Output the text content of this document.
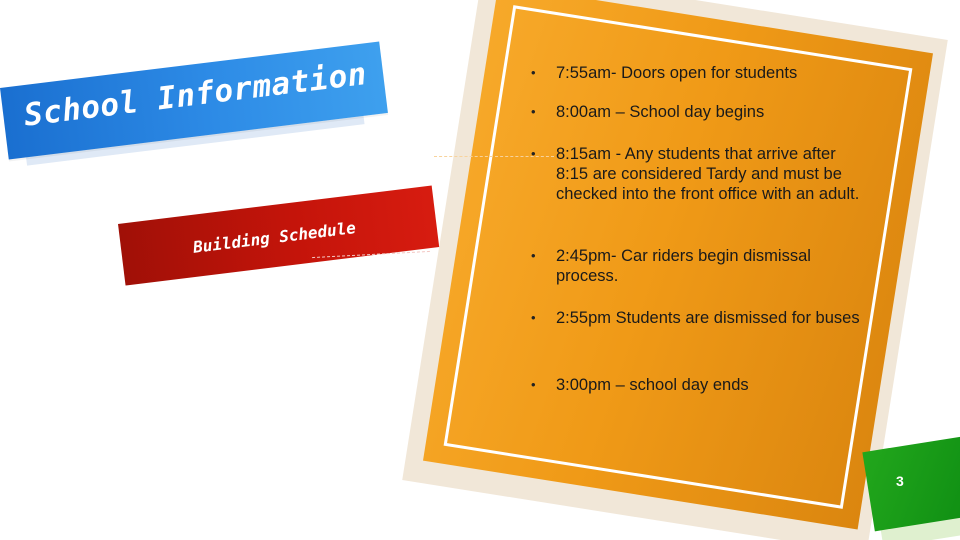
School Information
Building Schedule
• 7:55am- Doors open for students
• 8:00am – School day begins
• 8:15am - Any students that arrive after 8:15 are considered Tardy and must be checked into the front office with an adult.
• 2:45pm- Car riders begin dismissal process.
• 2:55pm Students are dismissed for buses
• 3:00pm – school day ends
3
